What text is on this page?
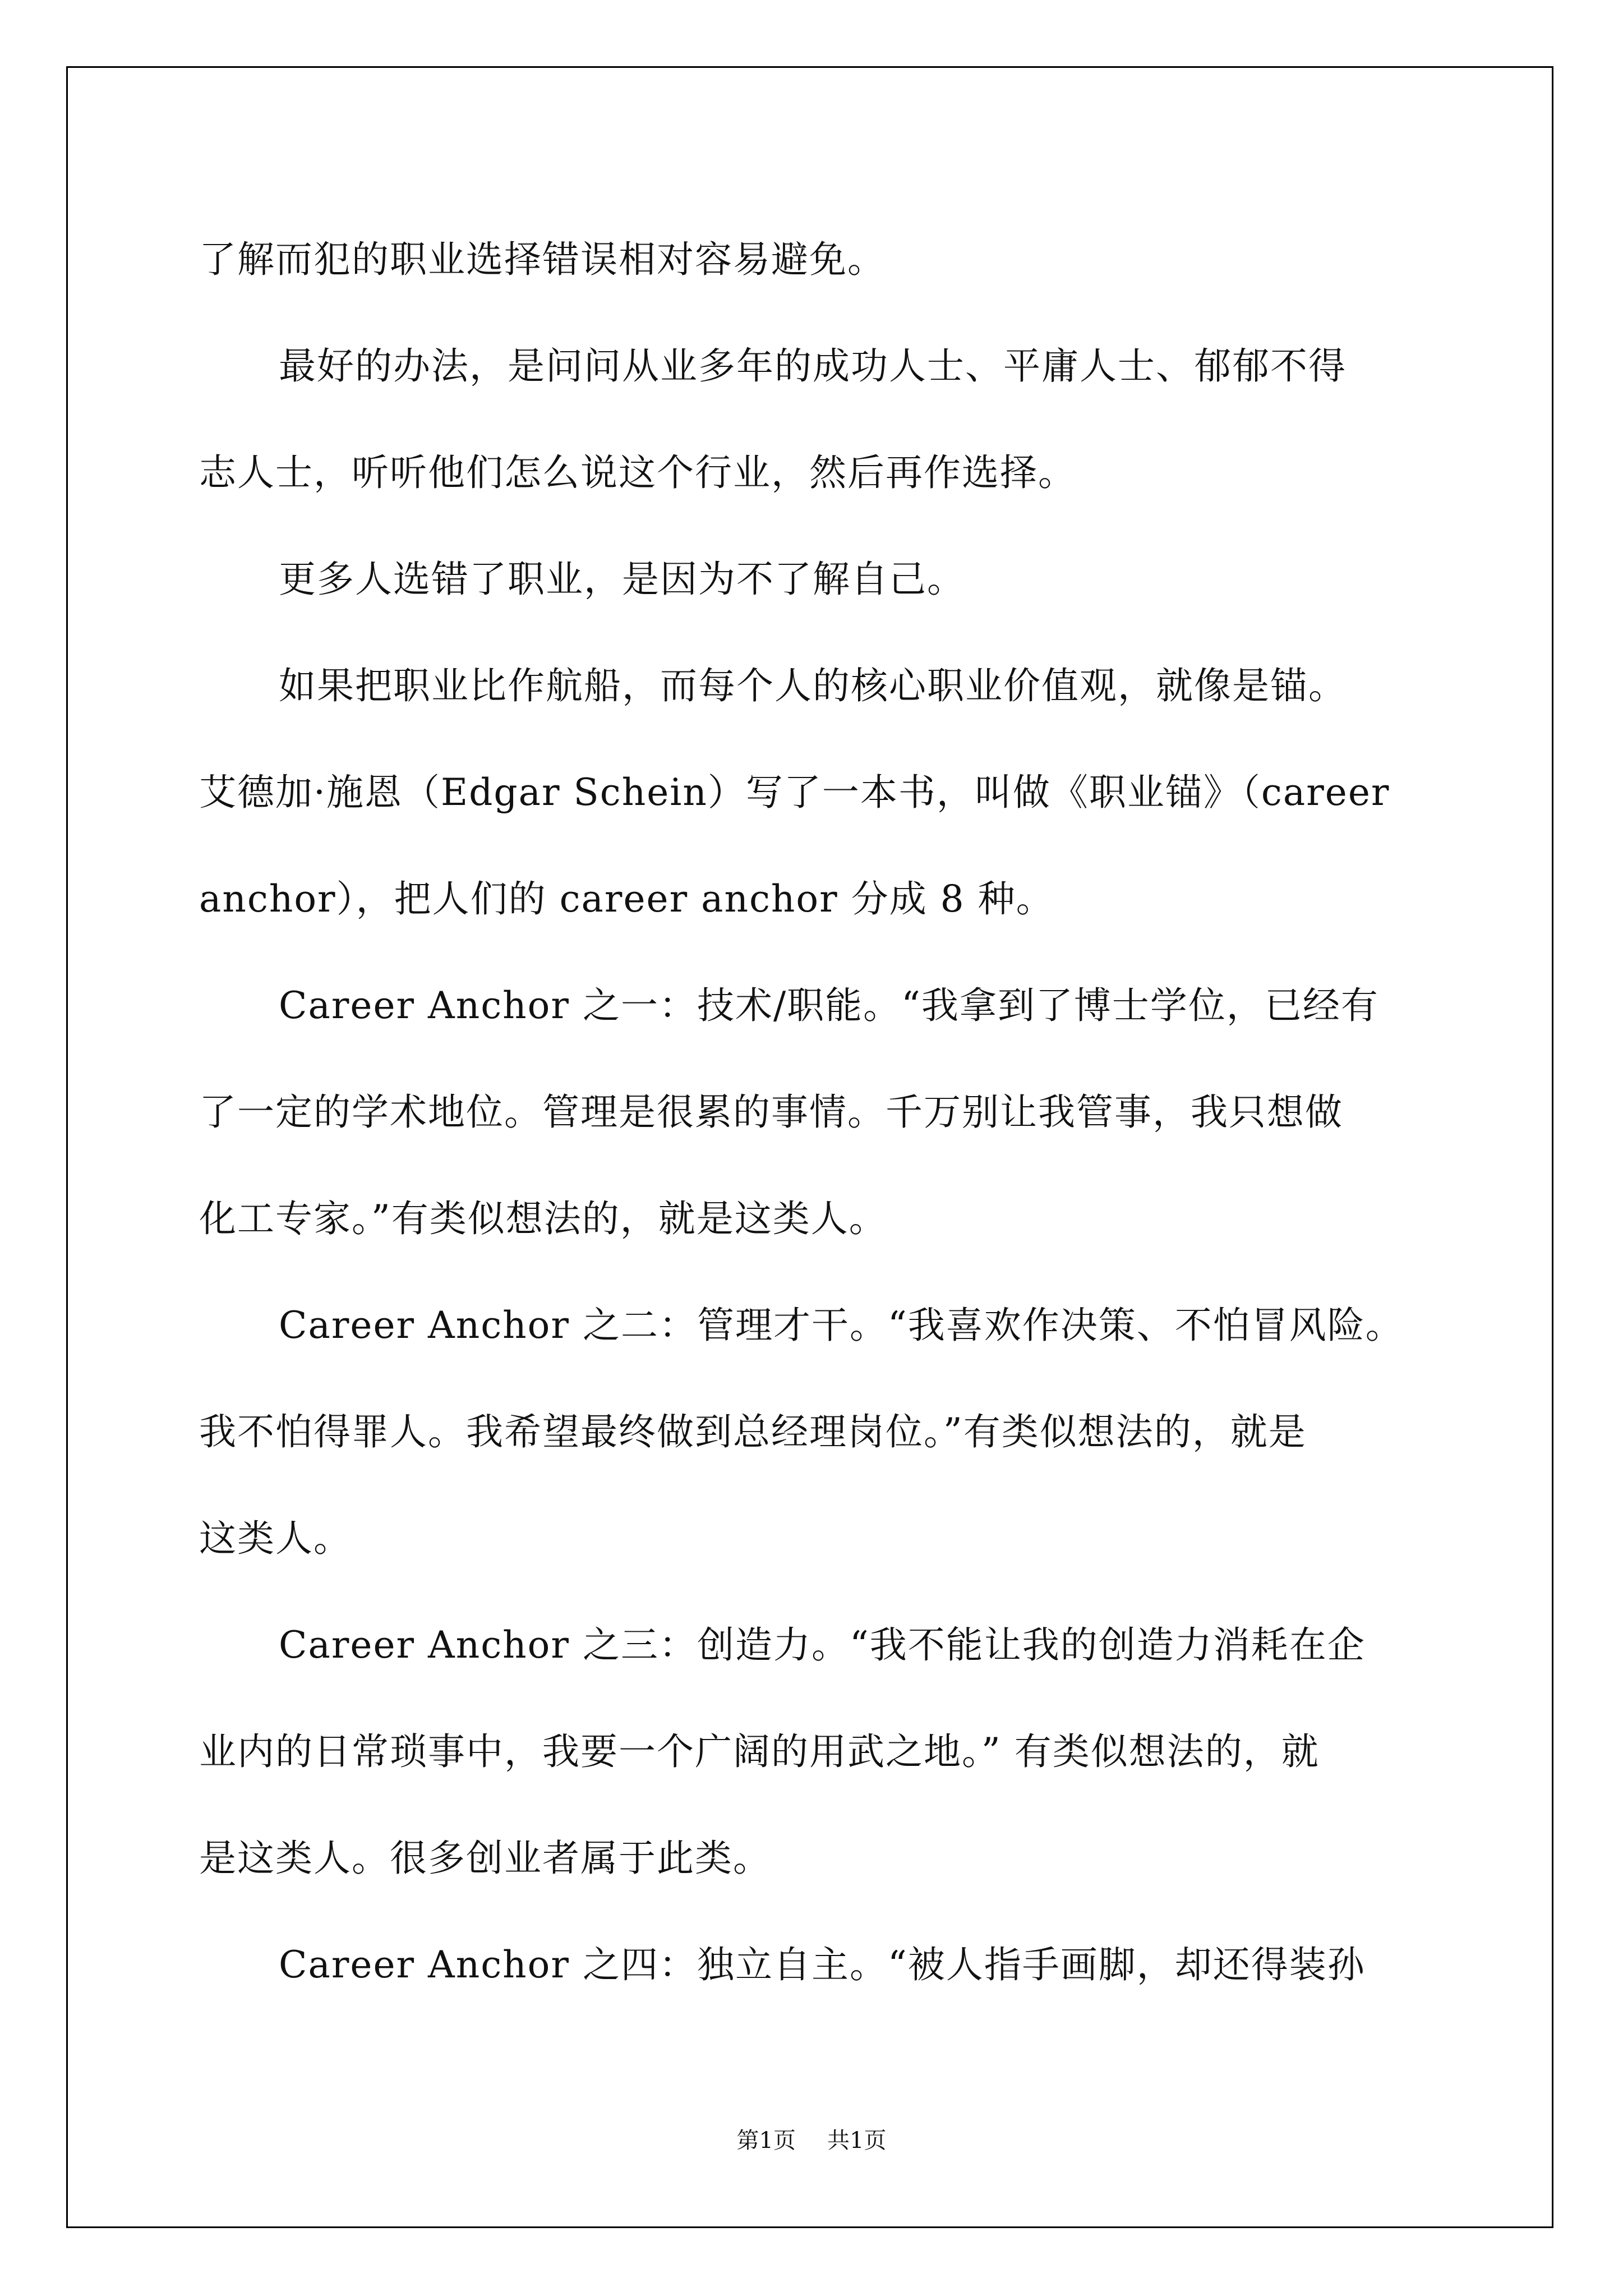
了解而犯的职业选择错误相对容易避免。
最好的办法，是问问从业多年的成功人士、平庸人士、郁郁不得
志人士，听听他们怎么说这个行业，然后再作选择。
更多人选错了职业，是因为不了解自己。
如果把职业比作航船，而每个人的核心职业价值观，就像是锚。
艾德加·施恩（Edgar Schein）写了一本书，叫做《职业锚》（career
anchor），把人们的 career anchor 分成 8 种。
Career Anchor 之一：技术/职能。“我拿到了博士学位，已经有
了一定的学术地位。管理是很累的事情。千万别让我管事，我只想做
化工专家。”有类似想法的，就是这类人。
Career Anchor 之二：管理才干。“我喜欢作决策、不怕冒风险。
我不怕得罪人。我希望最终做到总经理岗位。”有类似想法的，就是
这类人。
Career Anchor 之三：创造力。“我不能让我的创造力消耗在企
业内的日常琐事中，我要一个广阔的用武之地。” 有类似想法的，就
是这类人。很多创业者属于此类。
Career Anchor 之四：独立自主。“被人指手画脚，却还得装孙
第1页 共1页
